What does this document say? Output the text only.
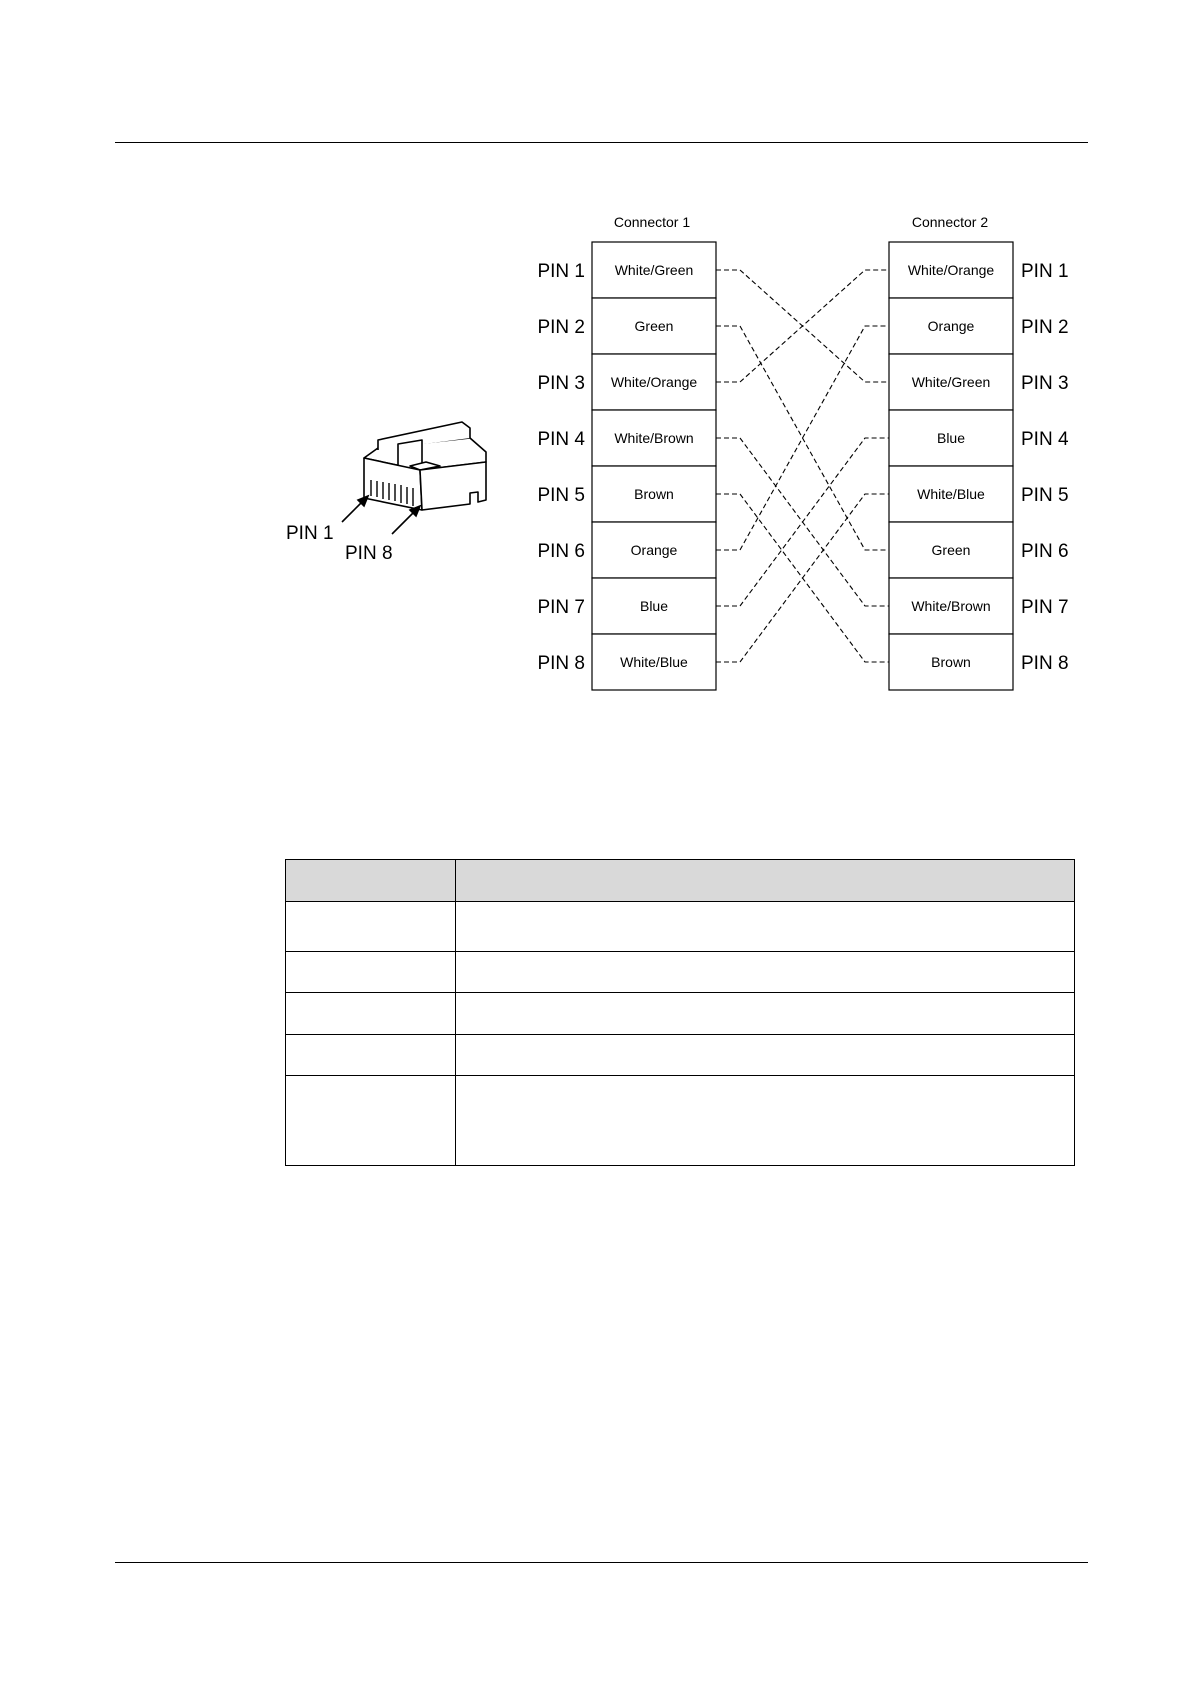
Connector 1	Connector 2
White/Green
PIN 1
Green
PIN 2
White/Orange
PIN 3
White/Brown
PIN 4
Brown
PIN 5
Orange
PIN 6
Blue
PIN 7
White/Blue
PIN 8
White/Orange PIN 1
Orange PIN 2
White/Green PIN 3
Blue	PIN 4
White/Blue PIN 5
Green	PIN 6
White/Brown PIN 7
Brown	PIN 8
PIN 1
PIN 8
